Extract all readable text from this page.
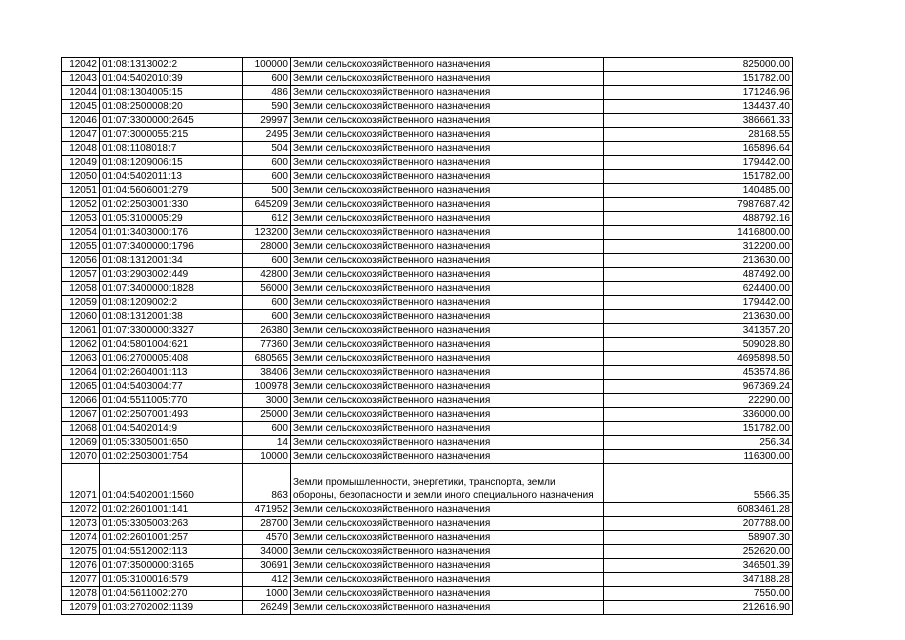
12042	01:08:1313002:2	100000	Земли сельскохозяйственного назначения	825000.00
12043	01:04:5402010:39	600	Земли сельскохозяйственного назначения	151782.00
12044	01:08:1304005:15	486	Земли сельскохозяйственного назначения	171246.96
12045	01:08:2500008:20	590	Земли сельскохозяйственного назначения	134437.40
12046	01:07:3300000:2645	29997	Земли сельскохозяйственного назначения	386661.33
12047	01:07:3000055:215	2495	Земли сельскохозяйственного назначения	28168.55
12048	01:08:1108018:7	504	Земли сельскохозяйственного назначения	165896.64
12049	01:08:1209006:15	600	Земли сельскохозяйственного назначения	179442.00
12050	01:04:5402011:13	600	Земли сельскохозяйственного назначения	151782.00
12051	01:04:5606001:279	500	Земли сельскохозяйственного назначения	140485.00
12052	01:02:2503001:330	645209	Земли сельскохозяйственного назначения	7987687.42
12053	01:05:3100005:29	612	Земли сельскохозяйственного назначения	488792.16
12054	01:01:3403000:176	123200	Земли сельскохозяйственного назначения	1416800.00
12055	01:07:3400000:1796	28000	Земли сельскохозяйственного назначения	312200.00
12056	01:08:1312001:34	600	Земли сельскохозяйственного назначения	213630.00
12057	01:03:2903002:449	42800	Земли сельскохозяйственного назначения	487492.00
12058	01:07:3400000:1828	56000	Земли сельскохозяйственного назначения	624400.00
12059	01:08:1209002:2	600	Земли сельскохозяйственного назначения	179442.00
12060	01:08:1312001:38	600	Земли сельскохозяйственного назначения	213630.00
12061	01:07:3300000:3327	26380	Земли сельскохозяйственного назначения	341357.20
12062	01:04:5801004:621	77360	Земли сельскохозяйственного назначения	509028.80
12063	01:06:2700005:408	680565	Земли сельскохозяйственного назначения	4695898.50
12064	01:02:2604001:113	38406	Земли сельскохозяйственного назначения	453574.86
12065	01:04:5403004:77	100978	Земли сельскохозяйственного назначения	967369.24
12066	01:04:5511005:770	3000	Земли сельскохозяйственного назначения	22290.00
12067	01:02:2507001:493	25000	Земли сельскохозяйственного назначения	336000.00
12068	01:04:5402014:9	600	Земли сельскохозяйственного назначения	151782.00
12069	01:05:3305001:650	14	Земли сельскохозяйственного назначения	256.34
12070	01:02:2503001:754	10000	Земли сельскохозяйственного назначения	116300.00
12071	01:04:5402001:1560	863	Земли промышленности, энергетики, транспорта, земли обороны, безопасности и земли иного специального назначения	5566.35
12072	01:02:2601001:141	471952	Земли сельскохозяйственного назначения	6083461.28
12073	01:05:3305003:263	28700	Земли сельскохозяйственного назначения	207788.00
12074	01:02:2601001:257	4570	Земли сельскохозяйственного назначения	58907.30
12075	01:04:5512002:113	34000	Земли сельскохозяйственного назначения	252620.00
12076	01:07:3500000:3165	30691	Земли сельскохозяйственного назначения	346501.39
12077	01:05:3100016:579	412	Земли сельскохозяйственного назначения	347188.28
12078	01:04:5611002:270	1000	Земли сельскохозяйственного назначения	7550.00
12079	01:03:2702002:1139	26249	Земли сельскохозяйственного назначения	212616.90
